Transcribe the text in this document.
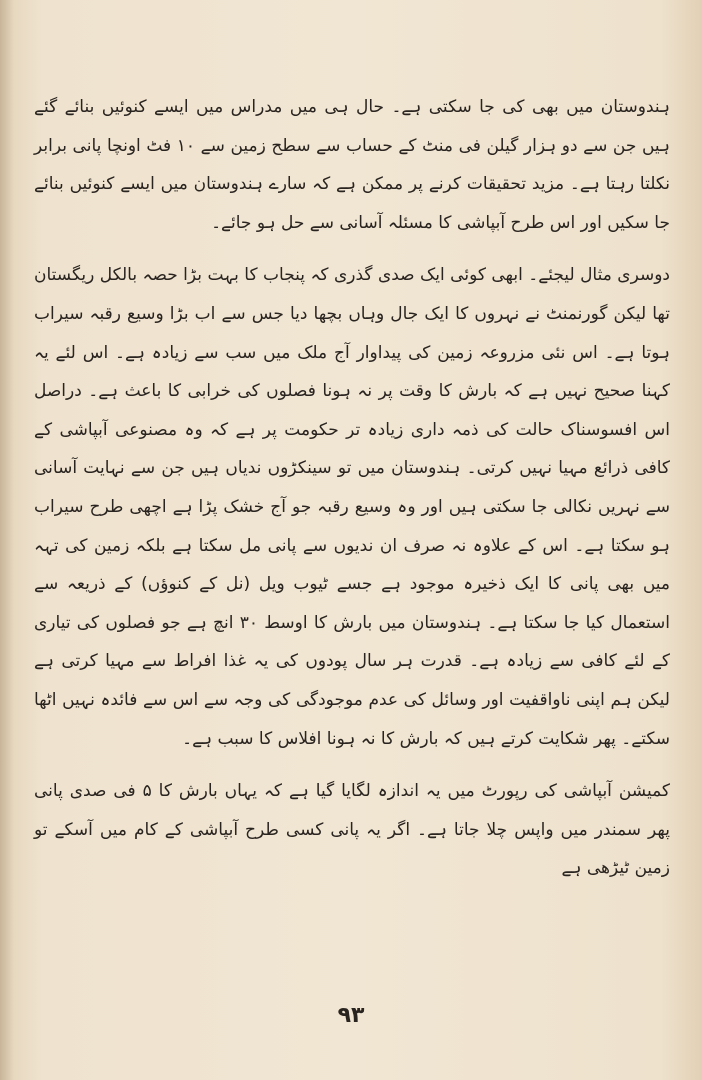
ہندوستان میں بھی کی جا سکتی ہے۔ حال ہی میں مدراس میں ایسے کنوئیں بنائے گئے ہیں جن سے دو ہزار گیلن فی منٹ کے حساب سے سطح زمین سے ۱۰ فٹ اونچا پانی برابر نکلتا رہتا ہے۔ مزید تحقیقات کرنے پر ممکن ہے کہ سارے ہندوستان میں ایسے کنوئیں بنائے جا سکیں اور اس طرح آبپاشی کا مسئلہ آسانی سے حل ہو جائے۔

دوسری مثال لیجئے۔ ابھی کوئی ایک صدی گذری کہ پنجاب کا بہت بڑا حصہ بالکل ریگستان تھا لیکن گورنمنٹ نے نہروں کا ایک جال وہاں بچھا دیا جس سے اب بڑا وسیع رقبہ سیراب ہوتا ہے۔ اس نئی مزروعہ زمین کی پیداوار آج ملک میں سب سے زیادہ ہے۔ اس لئے یہ کہنا صحیح نہیں ہے کہ بارش کا وقت پر نہ ہونا فصلوں کی خرابی کا باعث ہے۔ دراصل اس افسوسناک حالت کی ذمہ داری زیادہ تر حکومت پر ہے کہ وہ مصنوعی آبپاشی کے کافی ذرائع مہیا نہیں کرتی۔ ہندوستان میں تو سینکڑوں ندیاں ہیں جن سے نہایت آسانی سے نہریں نکالی جا سکتی ہیں اور وہ وسیع رقبہ جو آج خشک پڑا ہے اچھی طرح سیراب ہو سکتا ہے۔ اس کے علاوہ نہ صرف ان ندیوں سے پانی مل سکتا ہے بلکہ زمین کی تہہ میں بھی پانی کا ایک ذخیرہ موجود ہے جسے ٹیوب ویل (نل کے کنوؤں) کے ذریعہ سے استعمال کیا جا سکتا ہے۔ ہندوستان میں بارش کا اوسط ۳۰ انچ ہے جو فصلوں کی تیاری کے لئے کافی سے زیادہ ہے۔ قدرت ہر سال پودوں کی یہ غذا افراط سے مہیا کرتی ہے لیکن ہم اپنی ناواقفیت اور وسائل کی عدم موجودگی کی وجہ سے اس سے فائدہ نہیں اٹھا سکتے۔ پھر شکایت کرتے ہیں کہ بارش کا نہ ہونا افلاس کا سبب ہے۔

کمیشن آبپاشی کی رپورٹ میں یہ اندازہ لگایا گیا ہے کہ یہاں بارش کا ۵ فی صدی پانی پھر سمندر میں واپس چلا جاتا ہے۔ اگر یہ پانی کسی طرح آبپاشی کے کام میں آسکے تو زمین ٹیڑھی ہے

۹۳
